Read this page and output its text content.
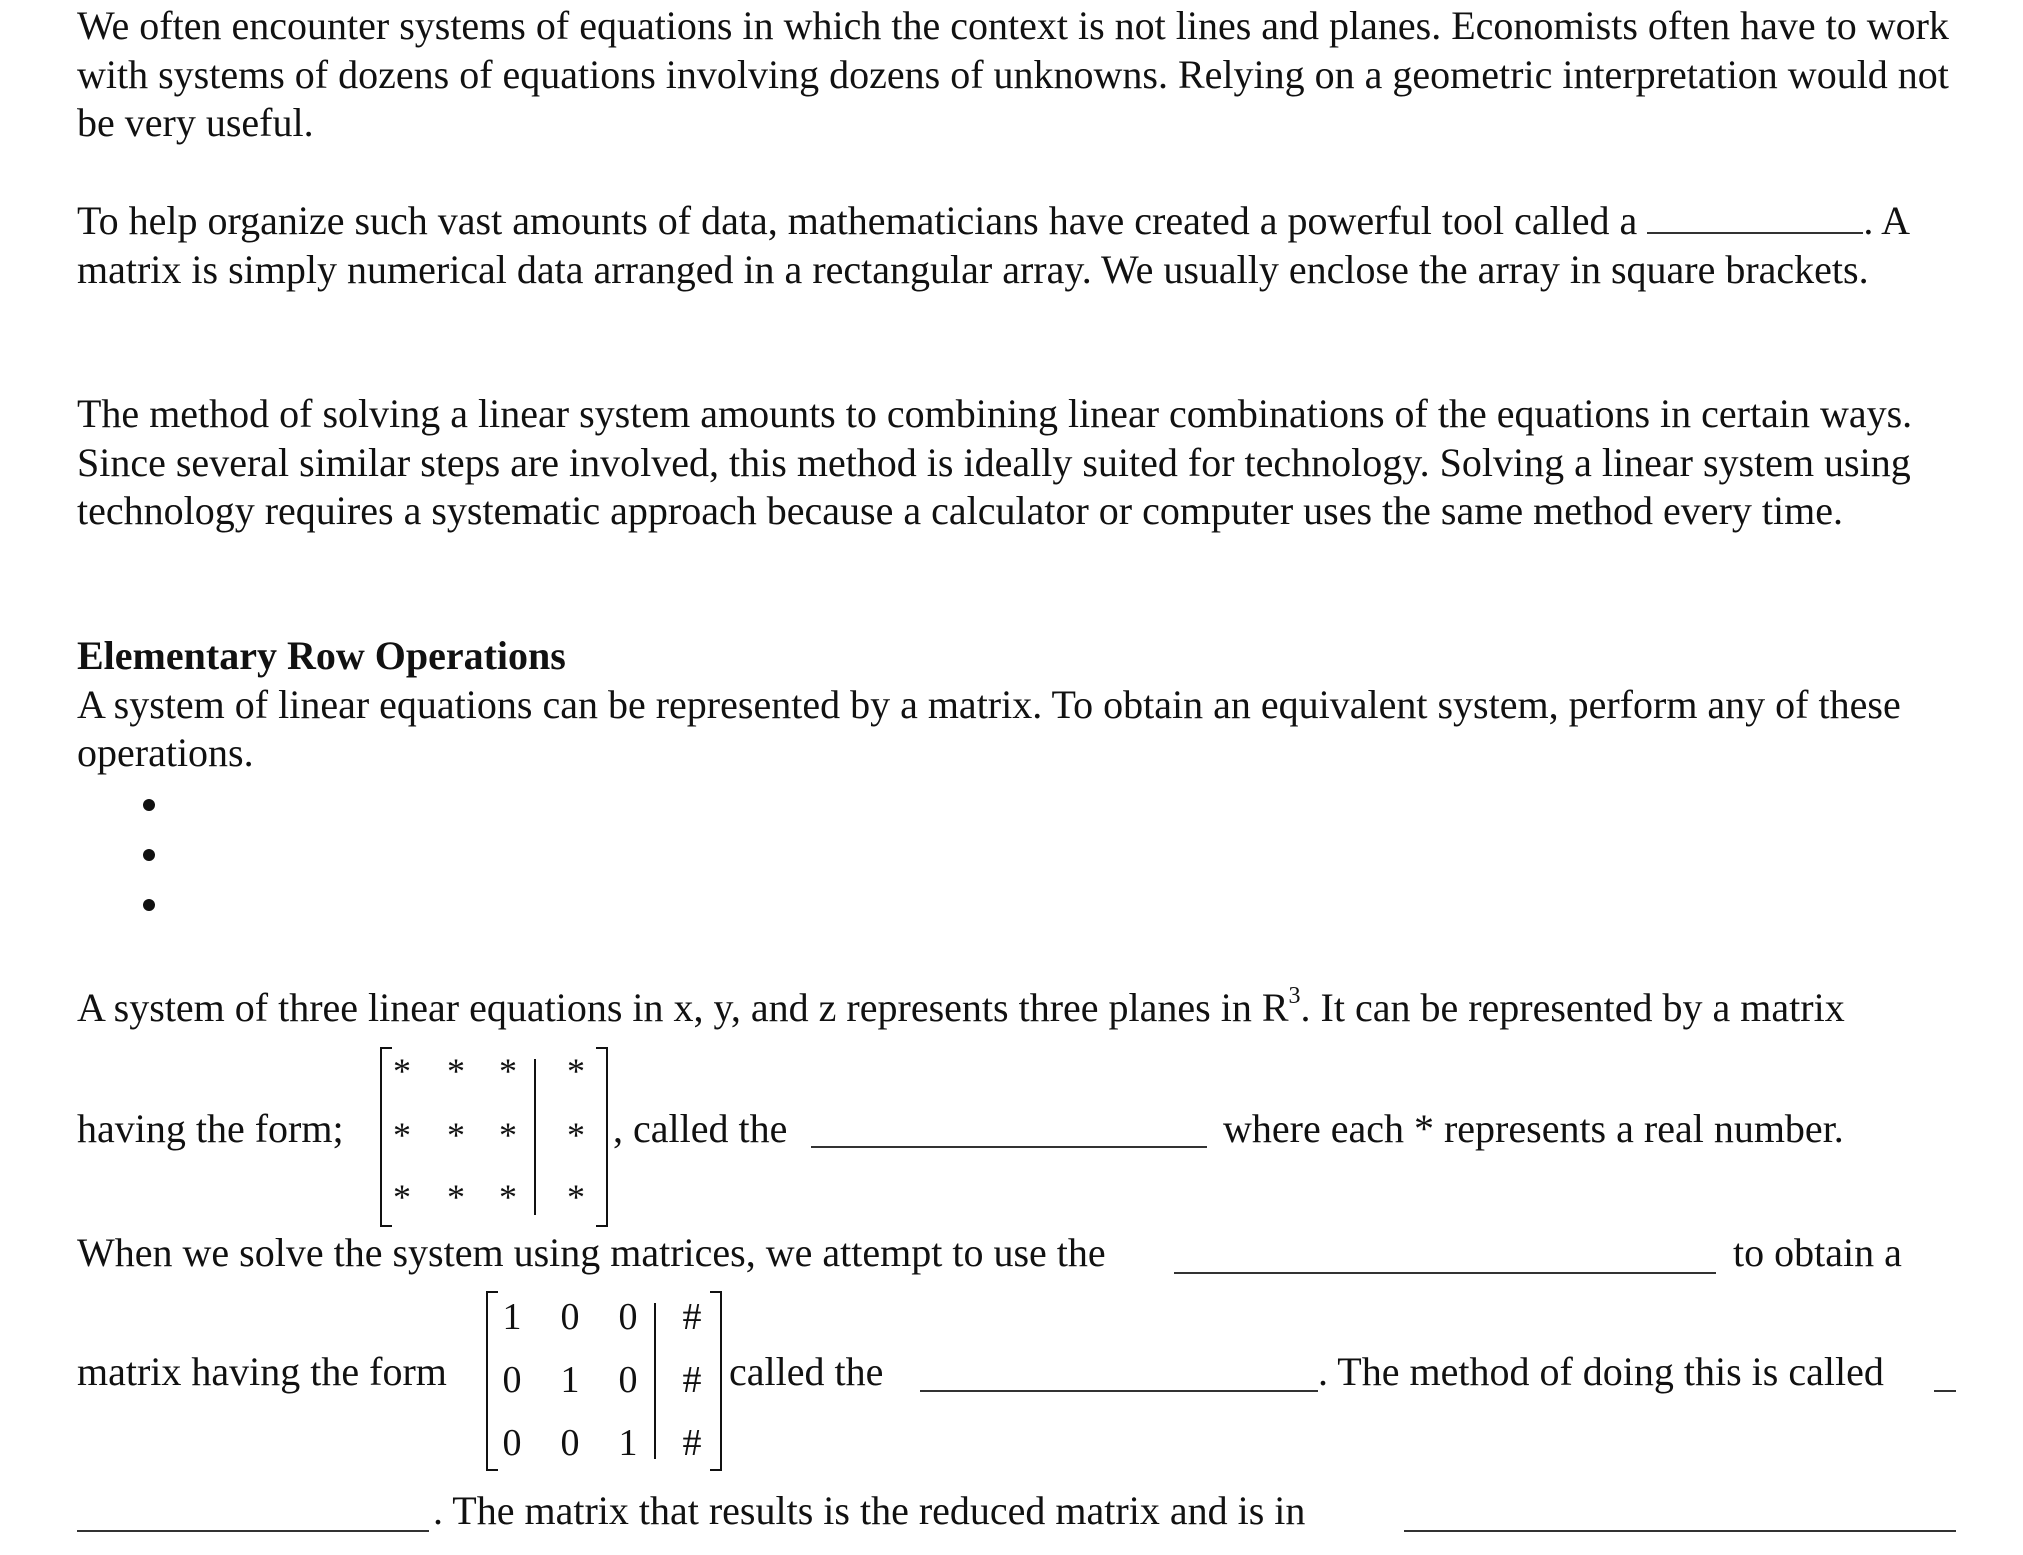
We often encounter systems of equations in which the context is not lines and planes. Economists often have to work with systems of dozens of equations involving dozens of unknowns. Relying on a geometric interpretation would not be very useful.

To help organize such vast amounts of data, mathematicians have created a powerful tool called a	. A matrix is simply numerical data arranged in a rectangular array. We usually enclose the array in square brackets.

The method of solving a linear system amounts to combining linear combinations of the equations in certain ways. Since several similar steps are involved, this method is ideally suited for technology. Solving a linear system using technology requires a systematic approach because a calculator or computer uses the same method every time.

Elementary Row Operations
A system of linear equations can be represented by a matrix. To obtain an equivalent system, perform any of these operations.

A system of three linear equations in x, y, and z represents three planes in $R^3$. It can be represented by a matrix
having the form;
*	* *	*
*	* *	*
*	* *	*
, called the	where each * represents a real number.
When we solve the system using matrices, we attempt to use the	to obtain a
matrix having the form
1 0 0 #
0 1 0 #
0 0 1 #
called the	. The method of doing this is called
. The matrix that results is the reduced matrix and is in
